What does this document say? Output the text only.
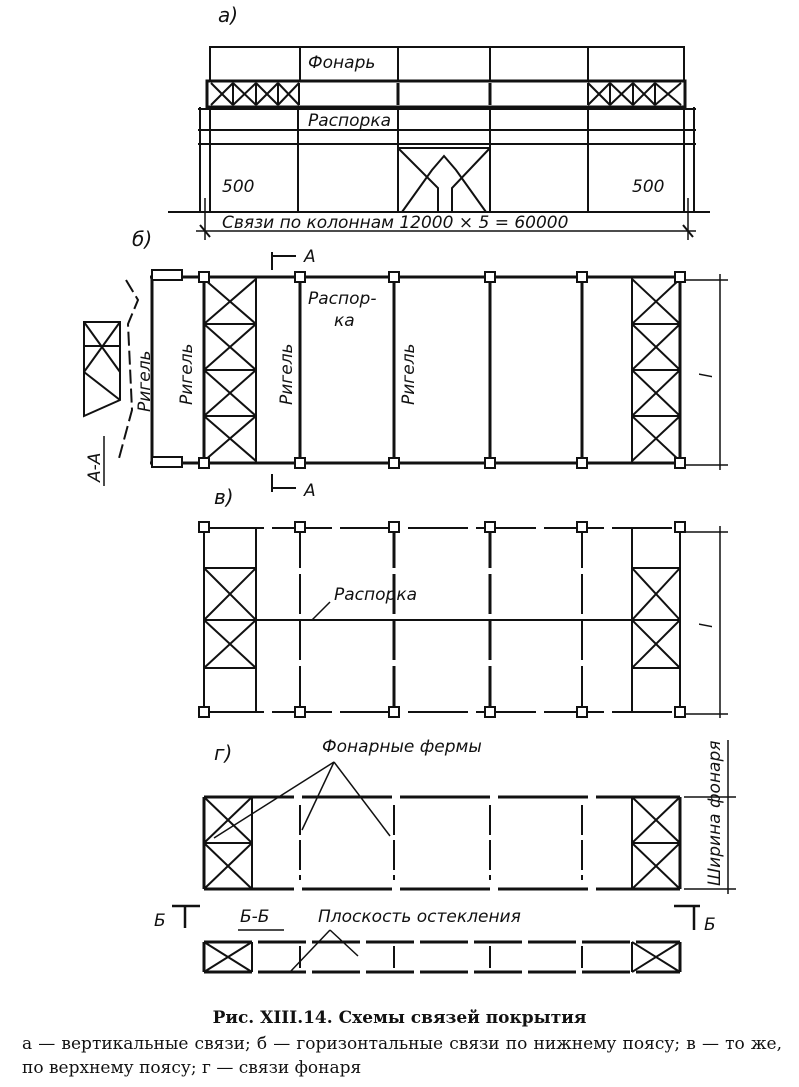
а)
Фонарь
Распорка
500	500
Связи по колоннам 12000 × 5 = 60000
б)
A
A
Ригель Ригель	Ригель	Ригель
A-A
Распор-
ка
l
в)
Распорка
l
г)	Фонарные фермы	Ширина фонаря
Б	Б
Б-Б	Плоскость остекления
Рис. XIII.14. Схемы связей покрытия
а — вертикальные связи; б — горизонтальные связи по нижнему поясу; в — то же, по верхнему поясу; г — связи фонаря
